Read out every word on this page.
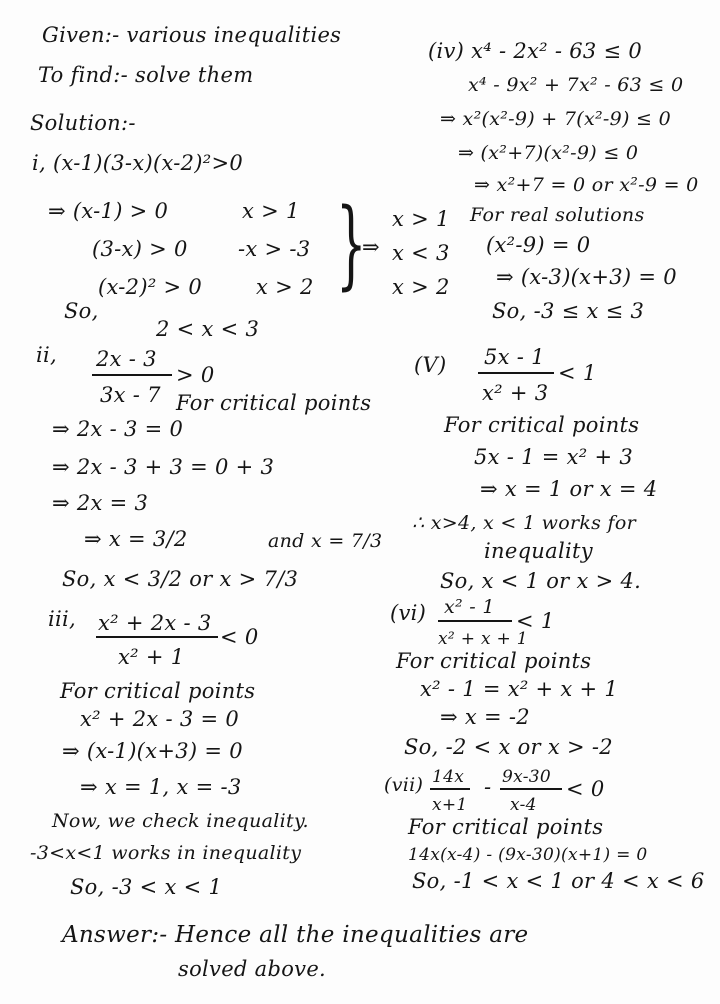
Given:- various inequalities
To find:- solve them
Solution:-
i, (x-1)(3-x)(x-2)²>0
⇒ (x-1) > 0	x > 1
(3-x) > 0 -x > -3
(x-2)² > 0	x > 2 }
⇒
x > 1
x < 3
x > 2
So,
2 < x < 3
ii, 2x - 3
> 0
3x - 7 For critical points
⇒ 2x - 3 = 0
⇒ 2x - 3 + 3 = 0 + 3
⇒ 2x = 3
⇒ x = 3/2	and x = 7/3
So, x < 3/2 or x > 7/3
iii, x² + 2x - 3
< 0
x² + 1
For critical points
x² + 2x - 3 = 0
⇒ (x-1)(x+3) = 0
⇒ x = 1, x = -3
Now, we check inequality.
-3<x<1 works in inequality
So, -3 < x < 1
(iv) x⁴ - 2x² - 63 ≤ 0
x⁴ - 9x² + 7x² - 63 ≤ 0
⇒ x²(x²-9) + 7(x²-9) ≤ 0
⇒ (x²+7)(x²-9) ≤ 0
⇒ x²+7 = 0 or x²-9 = 0
For real solutions
(x²-9) = 0
⇒ (x-3)(x+3) = 0
So, -3 ≤ x ≤ 3
(V) 5x - 1
< 1
x² + 3
For critical points
5x - 1 = x² + 3
⇒ x = 1 or x = 4
∴ x>4, x < 1 works for
inequality
So, x < 1 or x > 4.
(vi) x² - 1
< 1
x² + x + 1
For critical points
x² - 1 = x² + x + 1
⇒ x = -2
So, -2 < x or x > -2
(vii) 14x
x+1
- 9x-30
x-4
< 0
For critical points
14x(x-4) - (9x-30)(x+1) = 0
So, -1 < x < 1 or 4 < x < 6
Answer:- Hence all the inequalities are
solved above.
